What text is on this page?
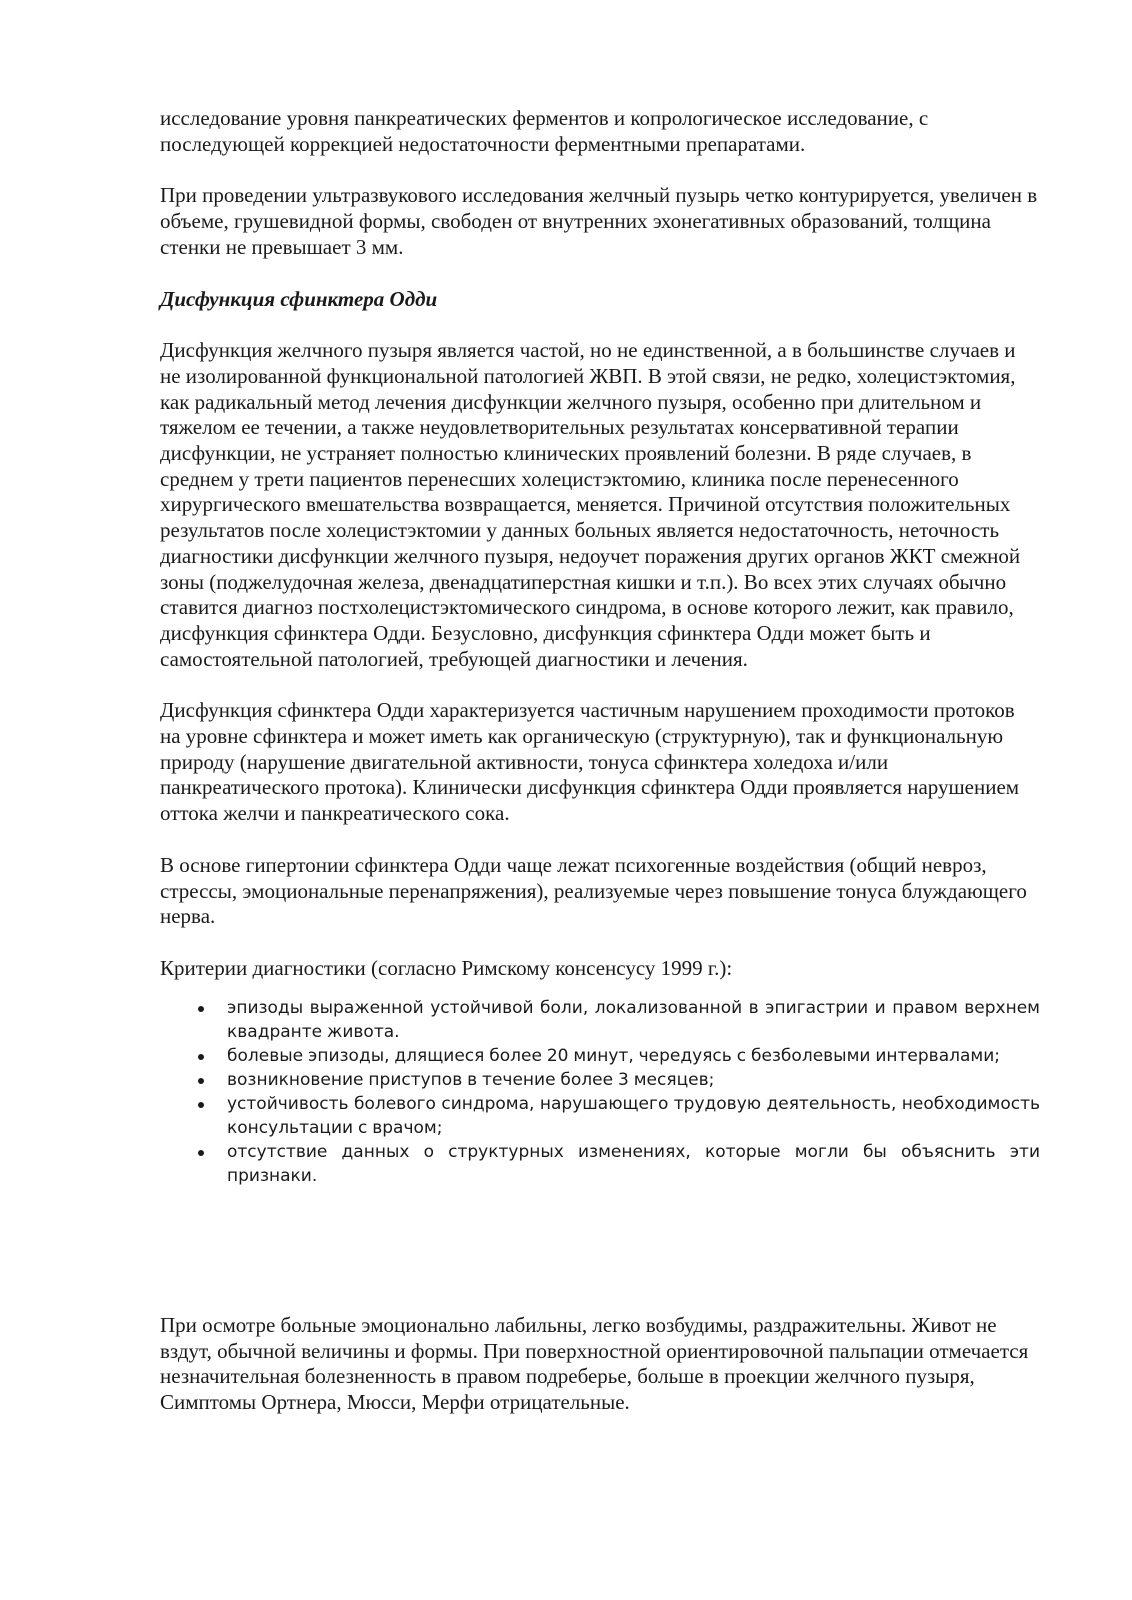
исследование уровня панкреатических ферментов и копрологическое исследование, с последующей коррекцией недостаточности ферментными препаратами.

При проведении ультразвукового исследования желчный пузырь четко контурируется, увеличен в объеме, грушевидной формы, свободен от внутренних эхонегативных образований, толщина стенки не превышает 3 мм.

Дисфункция сфинктера Одди

Дисфункция желчного пузыря является частой, но не единственной, а в большинстве случаев и не изолированной функциональной патологией ЖВП. В этой связи, не редко, холецистэктомия, как радикальный метод лечения дисфункции желчного пузыря, особенно при длительном и тяжелом ее течении, а также неудовлетворительных результатах консервативной терапии дисфункции, не устраняет полностью клинических проявлений болезни. В ряде случаев, в среднем у трети пациентов перенесших холецистэктомию, клиника после перенесенного хирургического вмешательства возвращается, меняется. Причиной отсутствия положительных результатов после холецистэктомии у данных больных является недостаточность, неточность диагностики дисфункции желчного пузыря, недоучет поражения других органов ЖКТ смежной зоны (поджелудочная железа, двенадцатиперстная кишки и т.п.). Во всех этих случаях обычно ставится диагноз постхолецистэктомического синдрома, в основе которого лежит, как правило, дисфункция сфинктера Одди. Безусловно, дисфункция сфинктера Одди может быть и самостоятельной патологией, требующей диагностики и лечения.

Дисфункция сфинктера Одди характеризуется частичным нарушением проходимости протоков на уровне сфинктера и может иметь как органическую (структурную), так и функциональную природу (нарушение двигательной активности, тонуса сфинктера холедоха и/или панкреатического протока). Клинически дисфункция сфинктера Одди проявляется нарушением оттока желчи и панкреатического сока.

В основе гипертонии сфинктера Одди чаще лежат психогенные воздействия (общий невроз, стрессы, эмоциональные перенапряжения), реализуемые через повышение тонуса блуждающего нерва.

Критерии диагностики (согласно Римскому консенсусу 1999 г.):

эпизоды выраженной устойчивой боли, локализованной в эпигастрии и правом верхнем квадранте живота.
болевые эпизоды, длящиеся более 20 минут, чередуясь с безболевыми интервалами;
возникновение приступов в течение более 3 месяцев;
устойчивость болевого синдрома, нарушающего трудовую деятельность, необходимость консультации с врачом;
отсутствие данных о структурных изменениях, которые могли бы объяснить эти признаки.

При осмотре больные эмоционально лабильны, легко возбудимы, раздражительны. Живот не вздут, обычной величины и формы. При поверхностной ориентировочной пальпации отмечается незначительная болезненность в правом подреберье, больше в проекции желчного пузыря, Симптомы Ортнера, Мюсси, Мерфи отрицательные.
